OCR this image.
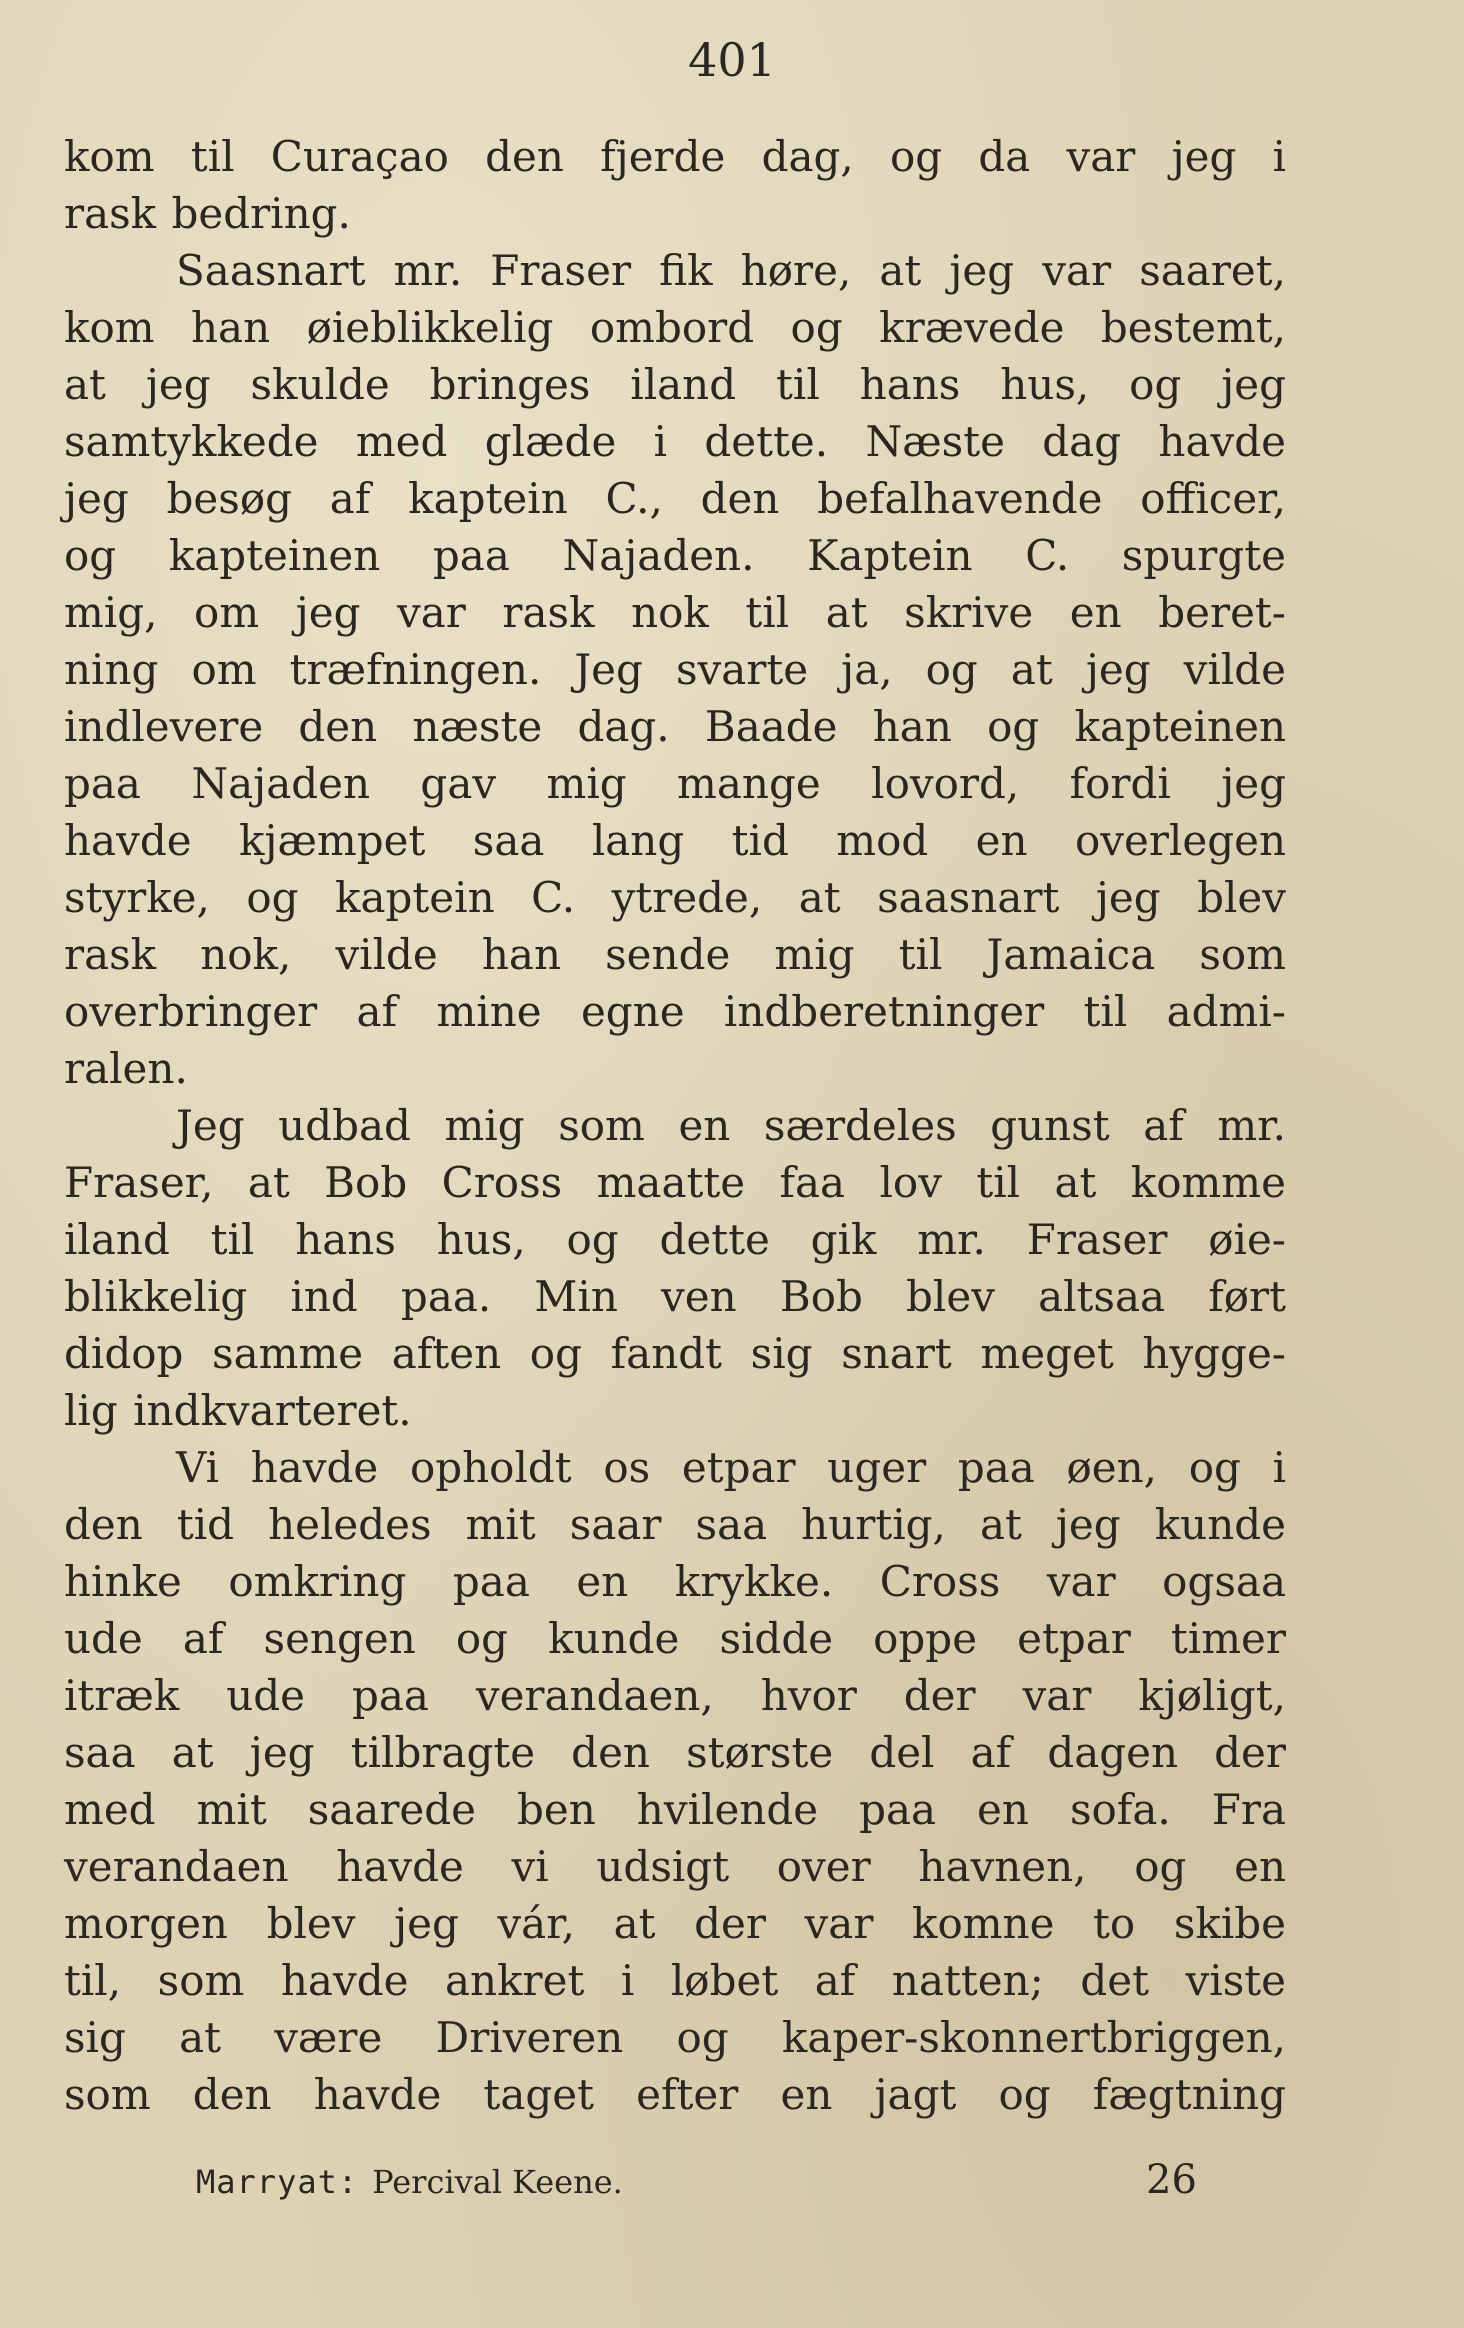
401
kom til Curaçao den fjerde dag, og da var jeg i
rask bedring.
Saasnart mr. Fraser fik høre, at jeg var saaret,
kom han øieblikkelig ombord og krævede bestemt,
at jeg skulde bringes iland til hans hus, og jeg
samtykkede med glæde i dette. Næste dag havde
jeg besøg af kaptein C., den befalhavende officer,
og kapteinen paa Najaden. Kaptein C. spurgte
mig, om jeg var rask nok til at skrive en beret-
ning om træfningen. Jeg svarte ja, og at jeg vilde
indlevere den næste dag. Baade han og kapteinen
paa Najaden gav mig mange lovord, fordi jeg
havde kjæmpet saa lang tid mod en overlegen
styrke, og kaptein C. ytrede, at saasnart jeg blev
rask nok, vilde han sende mig til Jamaica som
overbringer af mine egne indberetninger til admi-
ralen.
Jeg udbad mig som en særdeles gunst af mr.
Fraser, at Bob Cross maatte faa lov til at komme
iland til hans hus, og dette gik mr. Fraser øie-
blikkelig ind paa. Min ven Bob blev altsaa ført
didop samme aften og fandt sig snart meget hygge-
lig indkvarteret.
Vi havde opholdt os etpar uger paa øen, og i
den tid heledes mit saar saa hurtig, at jeg kunde
hinke omkring paa en krykke. Cross var ogsaa
ude af sengen og kunde sidde oppe etpar timer
itræk ude paa verandaen, hvor der var kjøligt,
saa at jeg tilbragte den største del af dagen der
med mit saarede ben hvilende paa en sofa. Fra
verandaen havde vi udsigt over havnen, og en
morgen blev jeg vár, at der var komne to skibe
til, som havde ankret i løbet af natten; det viste
sig at være Driveren og kaper-skonnertbriggen,
som den havde taget efter en jagt og fægtning
Marryat: Percival Keene.	26
